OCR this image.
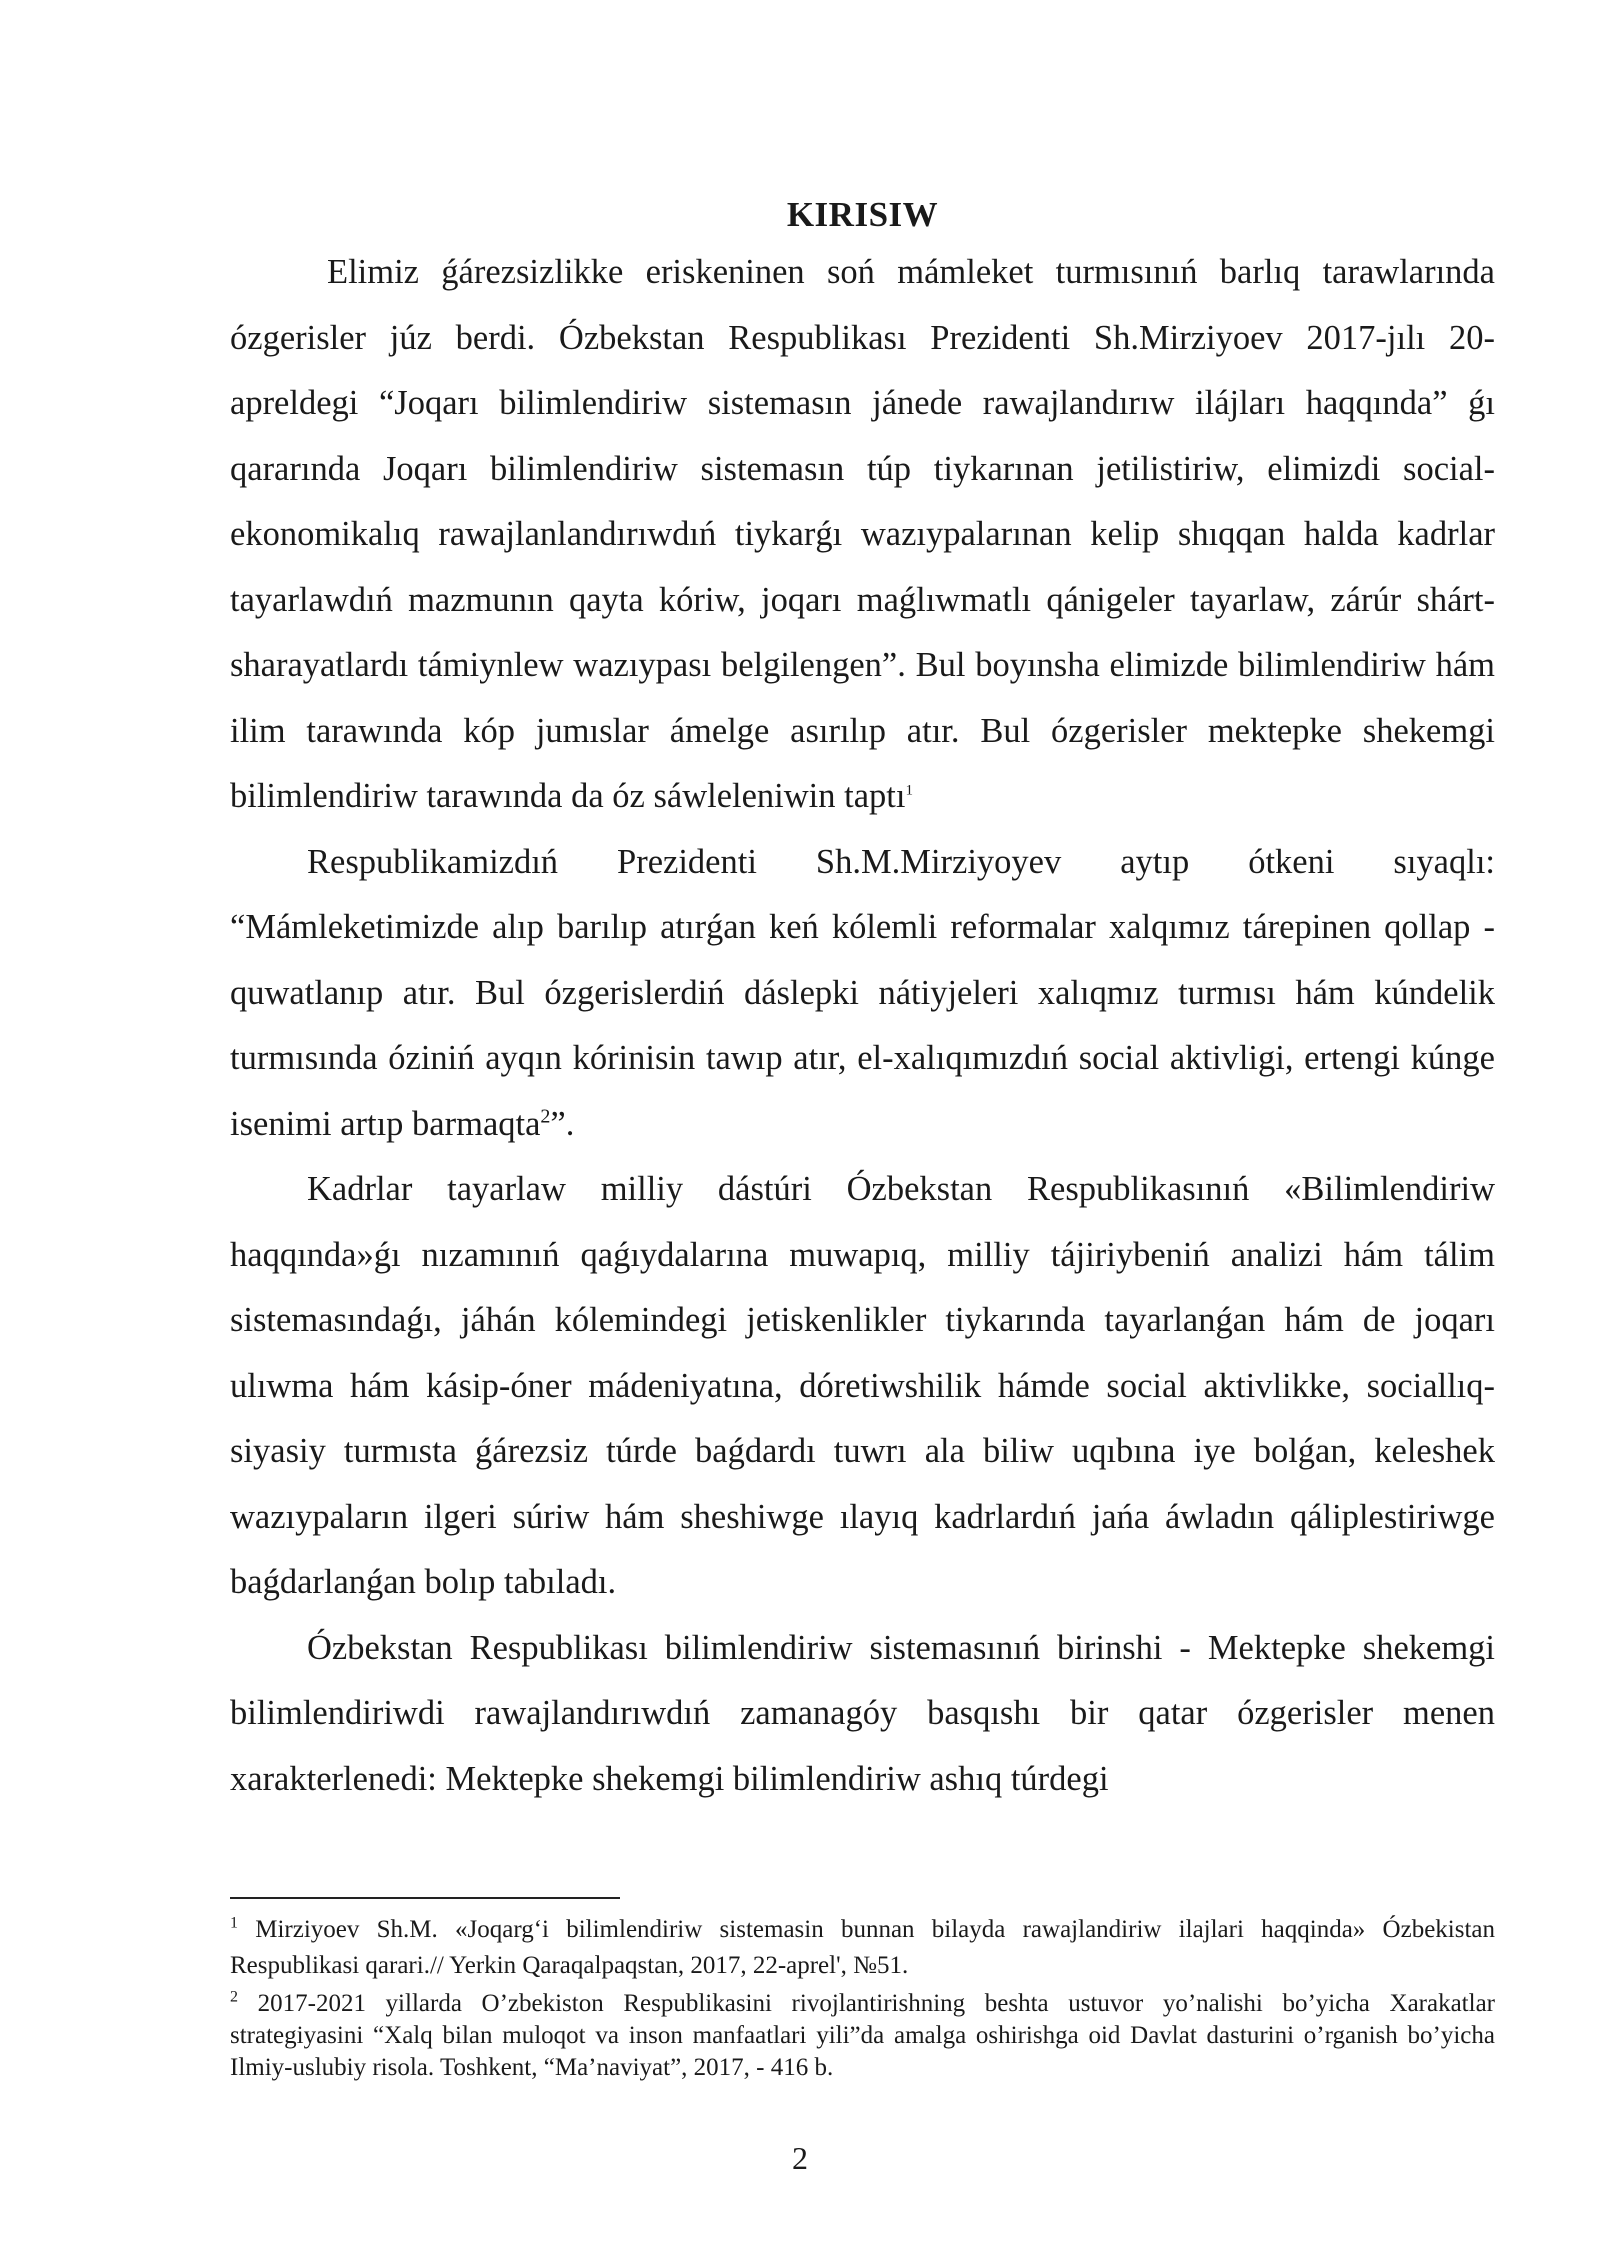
KIRISIW

Elimiz ǵárezsizlikke eriskeninen soń mámleket turmısınıń barlıq tarawlarında ózgerisler júz berdi. Ózbekstan Respublikası Prezidenti Sh.Mirziyoev 2017-jılı 20-apreldegi “Joqarı bilimlendiriw sistemasın jánede rawajlandırıw ilájları haqqında” ǵı qararında Joqarı bilimlendiriw sistemasın túp tiykarınan jetilistiriw, elimizdi social-ekonomikalıq rawajlanlandırıwdıń tiykarǵı wazıypalarınan kelip shıqqan halda kadrlar tayarlawdıń mazmunın qayta kóriw, joqarı maǵlıwmatlı qánigeler tayarlaw, zárúr shárt-sharayatlardı támiynlew wazıypası belgilengen”. Bul boyınsha elimizde bilimlendiriw hám ilim tarawında kóp jumıslar ámelge asırılıp atır. Bul ózgerisler mektepke shekemgi bilimlendiriw tarawında da óz sáwleleniwin taptı$^1$

Respublikamizdıń Prezidenti Sh.M.Mirziyoyev aytıp ótkeni sıyaqlı: “Mámleketimizde alıp barılıp atırǵan keń kólemli reformalar xalqımız tárepinen qollap - quwatlanıp atır. Bul ózgerislerdiń dáslepki nátiyjeleri xalıqmız turmısı hám kúndelik turmısında óziniń ayqın kórinisin tawıp atır, el-xalıqımızdıń social aktivligi, ertengi kúnge isenimi artıp barmaqta$^2$”.

Kadrlar tayarlaw milliy dástúri Ózbekstan Respublikasınıń «Bilimlendiriw haqqında»ǵı nızamınıń qaǵıydalarına muwapıq, milliy tájiriybeniń analizi hám tálim sistemasındaǵı, jáhán kólemindegi jetiskenlikler tiykarında tayarlanǵan hám de joqarı ulıwma hám kásip-óner mádeniyatına, dóretiwshilik hámde social aktivlikke, sociallıq-siyasiy turmısta ǵárezsiz túrde baǵdardı tuwrı ala biliw uqıbına iye bolǵan, keleshek wazıypaların ilgeri súriw hám sheshiwge ılayıq kadrlardıń jańa áwladın qáliplestiriwge baǵdarlanǵan bolıp tabıladı.

Ózbekstan Respublikası bilimlendiriw sistemasınıń birinshi - Mektepke shekemgi bilimlendiriwdi rawajlandırıwdıń zamanagóy basqıshı bir qatar ózgerisler menen xarakterlenedi: Mektepke shekemgi bilimlendiriw ashıq túrdegi

$^1$ Mirziyoev Sh.M. «Joqarg‘i bilimlendiriw sistemasin bunnan bilayda rawajlandiriw ilajlari haqqinda» Ózbekistan Respublikasi qarari.// Yerkin Qaraqalpaqstan, 2017, 22-aprel', №51.

$^2$ 2017-2021 yillarda O’zbekiston Respublikasini rivojlantirishning beshta ustuvor yo’nalishi bo’yicha Xarakatlar strategiyasini “Xalq bilan muloqot va inson manfaatlari yili”da amalga oshirishga oid Davlat dasturini o’rganish bo’yicha Ilmiy-uslubiy risola. Toshkent, “Ma’naviyat”, 2017, - 416 b.

2
